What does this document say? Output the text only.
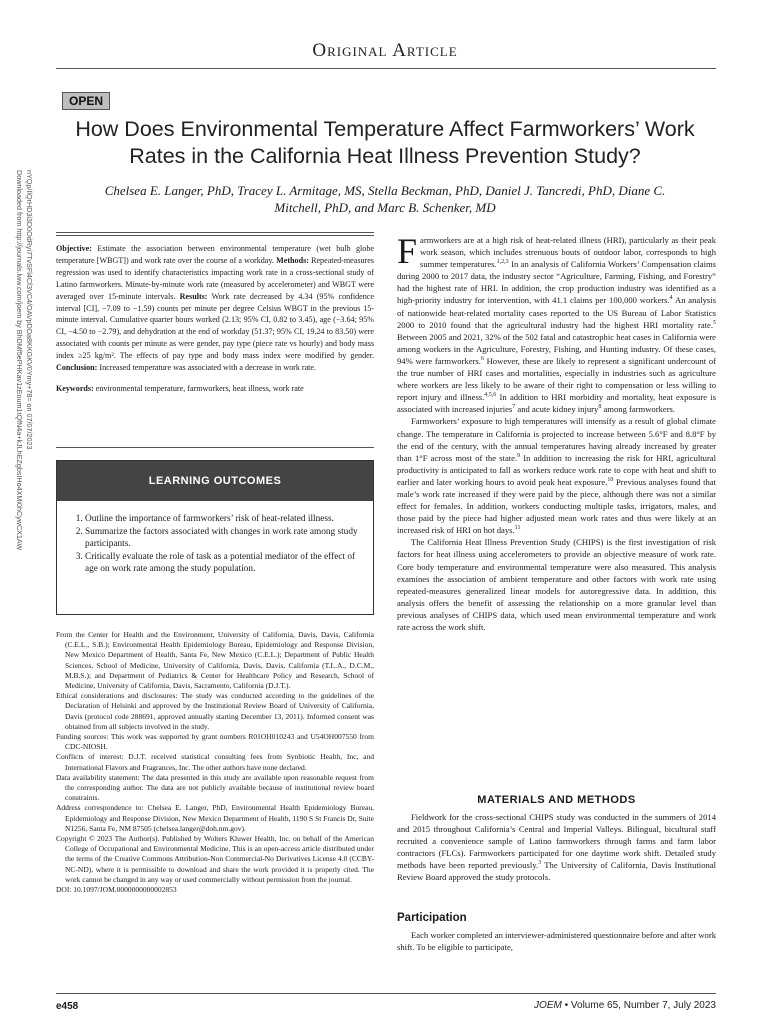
Original Article
OPEN
How Does Environmental Temperature Affect Farmworkers’ Work Rates in the California Heat Illness Prevention Study?
Chelsea E. Langer, PhD, Tracey L. Armitage, MS, Stella Beckman, PhD, Daniel J. Tancredi, PhD, Diane C. Mitchell, PhD, and Marc B. Schenker, MD
Downloaded from http://journals.lww.com/joem by BhDMf5ePHKav1zEoum1tQfN4a+kJLhEZgbsIHo4XMi0hCywCX1AW nYQp/IlQrHD3i3D0OdRyi7TvSFl4Cf3VC4/OAVpDDa8KKGKV0Ymy+78= on 07/07/2023	Objective: Estimate the association between environmental temperature (wet bulb globe temperature [WBGT]) and work rate over the course of a workday. Methods: Repeated-measures regression was used to identify characteristics impacting work rate in a cross-sectional study of Latino farmworkers. Minute-by-minute work rate (measured by accelerometer) and WBGT were averaged over 15-minute intervals. Results: Work rate decreased by 4.34 (95% confidence interval [CI], −7.09 to −1.59) counts per minute per degree Celsius WBGT in the previous 15-minute interval. Cumulative quarter hours worked (2.13; 95% CI, 0.82 to 3.45), age (−3.64; 95% CI, −4.50 to −2.79), and dehydration at the end of workday (51.37; 95% CI, 19.24 to 83.50) were associated with counts per minute as were gender, pay type (piece rate vs hourly) and body mass index ≥25 kg/m². The effects of pay type and body mass index were modified by gender. Conclusion: Increased temperature was associated with a decrease in work rate.
Keywords: environmental temperature, farmworkers, heat illness, work rate
LEARNING OUTCOMES
1. Outline the importance of farmworkers’ risk of heat-related illness.
2. Summarize the factors associated with changes in work rate among study participants.
3. Critically evaluate the role of task as a potential mediator of the effect of age on work rate among the study population.

From the Center for Health and the Environment, University of California, Davis, Davis, California (C.E.L., S.B.); Environmental Health Epidemiology Bureau, Epidemiology and Response Division, New Mexico Department of Health, Santa Fe, New Mexico (C.E.L.); Department of Public Health Sciences, School of Medicine, University of California, Davis, Davis, California (T.L.A., D.C.M., M.B.S.); and Department of Pediatrics & Center for Healthcare Policy and Research, School of Medicine, University of California, Davis, Sacramento, California (D.J.T.).

Ethical considerations and disclosures: The study was conducted according to the guidelines of the Declaration of Helsinki and approved by the Institutional Review Board of University of California, Davis (protocol code 288691, approved annually starting December 13, 2011). Informed consent was obtained from all subjects involved in the study.

Funding sources: This work was supported by grant numbers R01OH010243 and U54OH007550 from CDC-NIOSH.

Conflicts of interest: D.J.T. received statistical consulting fees from Synbiotic Health, Inc, and International Flavors and Fragrances, Inc. The other authors have none declared.

Data availability statement: The data presented in this study are available upon reasonable request from the corresponding author. The data are not publicly available because of institutional review board constraints.

Address correspondence to: Chelsea E. Langer, PhD, Environmental Health Epidemiology Bureau, Epidemiology and Response Division, New Mexico Department of Health, 1190 S St Francis Dr, Suite N1256, Santa Fe, NM 87505 (chelsea.langer@doh.nm.gov).

Copyright © 2023 The Author(s). Published by Wolters Kluwer Health, Inc. on behalf of the American College of Occupational and Environmental Medicine. This is an open-access article distributed under the terms of the Creative Commons Attribution-Non Commercial-No Derivatives License 4.0 (CCBY-NC-ND), where it is permissible to download and share the work provided it is properly cited. The work cannot be changed in any way or used commercially without permission from the journal.

DOI: 10.1097/JOM.0000000000002853

Farmworkers are at a high risk of heat-related illness (HRI), particularly as their peak work season, which includes strenuous bouts of outdoor labor, corresponds to high summer temperatures.$^{1,2,3}$ In an analysis of California Workers’ Compensation claims during 2000 to 2017 data, the industry sector “Agriculture, Farming, Fishing, and Forestry” had the highest rate of HRI. In addition, the crop production industry was identified as a high-priority industry for intervention, with 41.1 claims per 100,000 workers.$^4$ An analysis of nationwide heat-related mortality cases reported to the US Bureau of Labor Statistics 2000 to 2010 found that the agricultural industry had the highest HRI mortality rate.$^5$ Between 2005 and 2021, 32% of the 502 fatal and catastrophic heat cases in California were among workers in the Agriculture, Forestry, Fishing, and Hunting industry. Of these cases, 94% were farmworkers.$^6$ However, these are likely to represent a significant undercount of the true number of HRI cases and mortalities, especially in industries such as agriculture where workers are less likely to be aware of their right to compensation or less willing to report injury and illness.$^{4,5,6}$ In addition to HRI morbidity and mortality, heat exposure is associated with increased injuries$^7$ and acute kidney injury$^8$ among farmworkers.

Farmworkers’ exposure to high temperatures will intensify as a result of global climate change. The temperature in California is projected to increase between 5.6°F and 8.8°F by the end of the century, with the annual temperatures having already increased by greater than 1°F across most of the state.$^9$ In addition to increasing the risk for HRI, agricultural productivity is anticipated to fall as workers reduce work rate to cope with heat and shift to earlier and later working hours to avoid peak heat exposure.$^{10}$ Previous analyses found that male’s work rate increased if they were paid by the piece, although there was not a similar effect for females. In addition, workers conducting multiple tasks, irrigators, males, and those paid by the piece had higher adjusted mean work rates and thus were likely at an increased risk of HRI on hot days.$^{11}$

The California Heat Illness Prevention Study (CHIPS) is the first investigation of risk factors for heat illness using accelerometers to provide an objective measure of work rate. Core body temperature and environmental temperature were also measured. This analysis examines the association of ambient temperature and other factors with work rate using repeated-measures generalized linear models for autoregressive data. In addition, this analysis offers the benefit of assessing the relationship on a more granular level than previous analyses of CHIPS data, which used mean environmental temperature and work rate across the work shift.

MATERIALS AND METHODS

Fieldwork for the cross-sectional CHIPS study was conducted in the summers of 2014 and 2015 throughout California’s Central and Imperial Valleys. Bilingual, bicultural staff recruited a convenience sample of Latino farmworkers through farms and farm labor contractors (FLCs). Farmworkers participated for one daytime work shift. Detailed study methods have been reported previously.$^3$ The University of California, Davis Institutional Review Board approved the study protocols.

Participation

Each worker completed an interviewer-administered questionnaire before and after work shift. To be eligible to participate,

e458	JOEM • Volume 65, Number 7, July 2023
